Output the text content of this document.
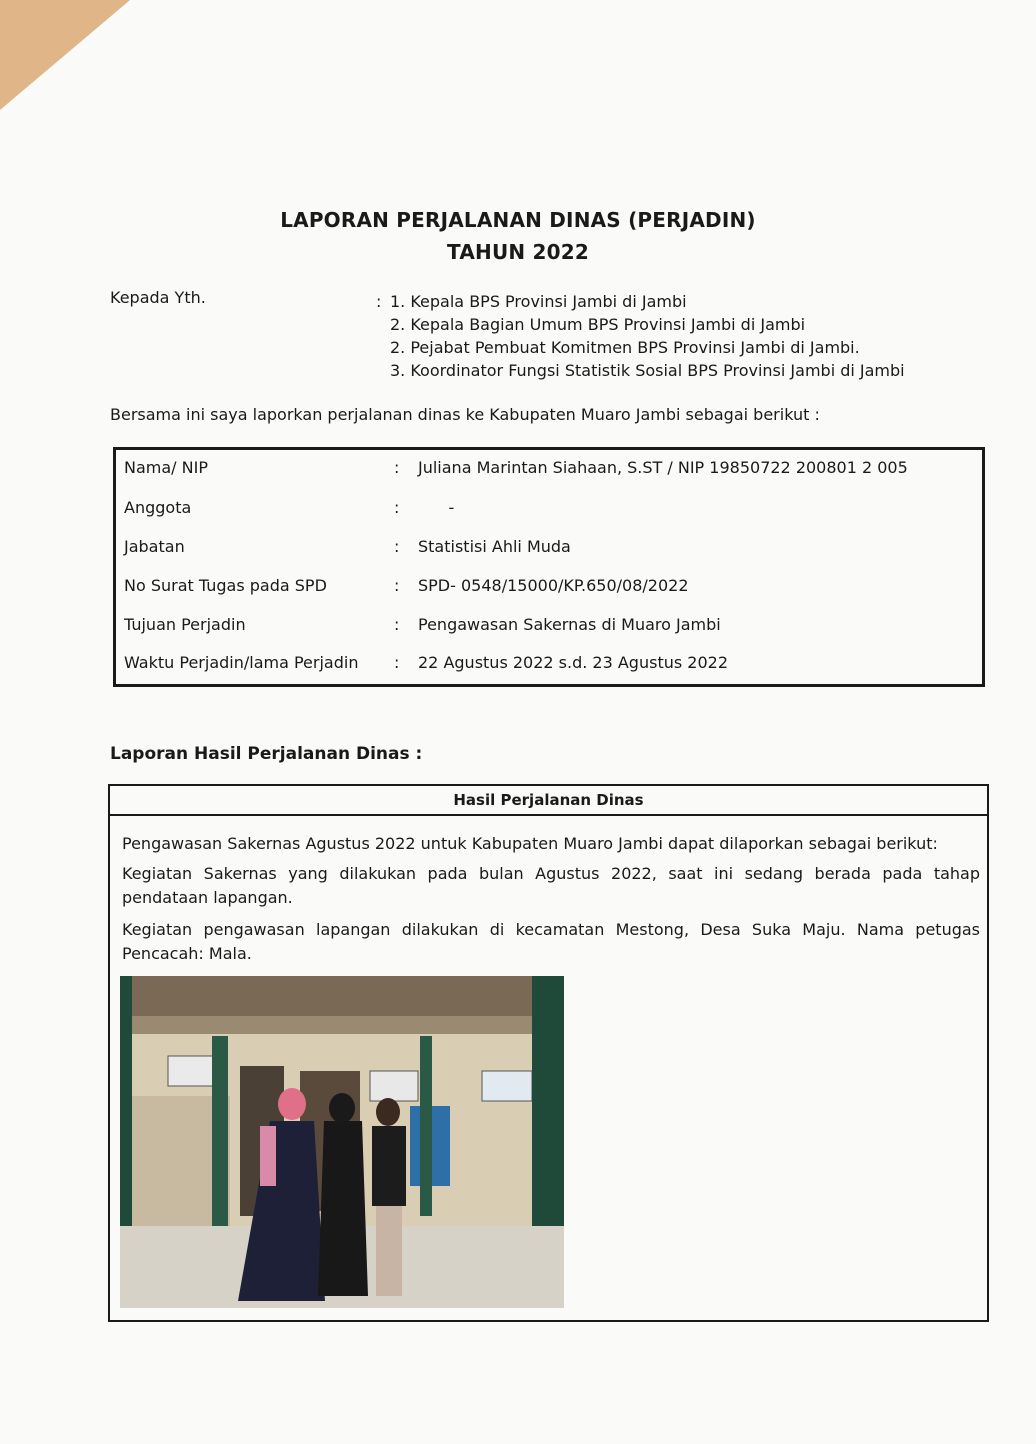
LAPORAN PERJALANAN DINAS (PERJADIN)
TAHUN 2022
Kepada Yth.	: 1. Kepala BPS Provinsi Jambi di Jambi
2. Kepala Bagian Umum BPS Provinsi Jambi di Jambi
2. Pejabat Pembuat Komitmen BPS Provinsi Jambi di Jambi.
3. Koordinator Fungsi Statistik Sosial BPS Provinsi Jambi di Jambi
Bersama ini saya laporkan perjalanan dinas ke Kabupaten Muaro Jambi sebagai berikut :
Nama/ NIP	: Juliana Marintan Siahaan, S.ST / NIP 19850722 200801 2 005
Anggota	:      -
Jabatan	: Statistisi Ahli Muda
No Surat Tugas pada SPD	: SPD- 0548/15000/KP.650/08/2022
Tujuan Perjadin	: Pengawasan Sakernas di Muaro Jambi
Waktu Perjadin/lama Perjadin : 22 Agustus 2022 s.d. 23 Agustus 2022
Laporan Hasil Perjalanan Dinas :
Hasil Perjalanan Dinas
Pengawasan Sakernas Agustus 2022 untuk Kabupaten Muaro Jambi dapat dilaporkan sebagai berikut:
Kegiatan Sakernas yang dilakukan pada bulan Agustus 2022, saat ini sedang berada pada tahap pendataan lapangan.
Kegiatan pengawasan lapangan dilakukan di kecamatan Mestong, Desa Suka Maju. Nama petugas Pencacah: Mala.
